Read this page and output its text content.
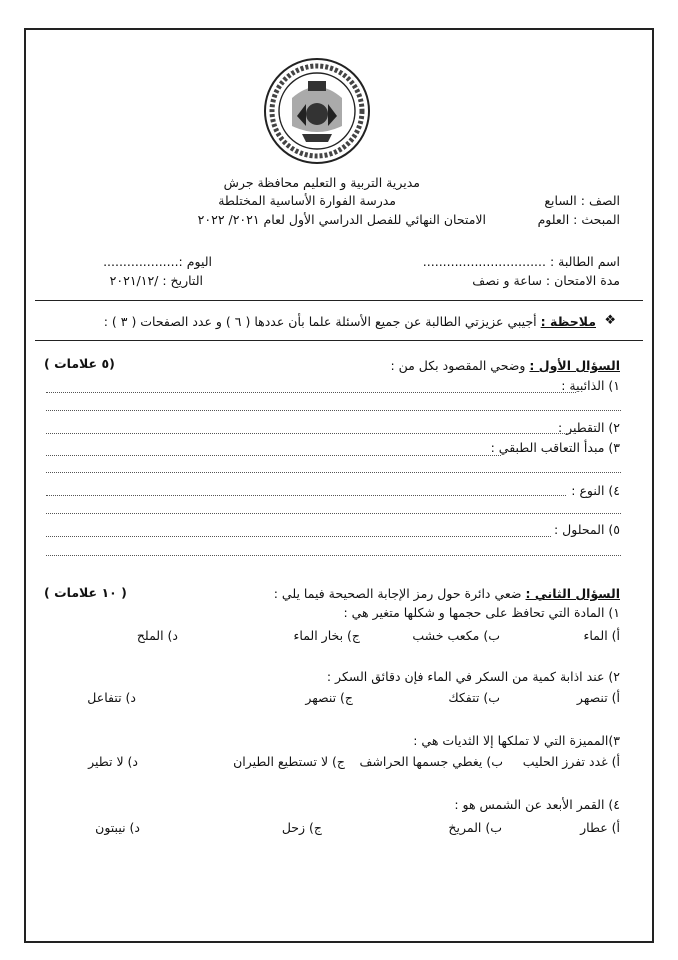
مديرية التربية و التعليم محافظة جرش
مدرسة الفوارة الأساسية المختلطة	الصف : السابع
المبحث : العلوم
الامتحان النهائي للفصل الدراسي الأول لعام ٢٠٢١/ ٢٠٢٢
اسم الطالبة : ...............................
اليوم :...................
مدة الامتحان : ساعة و نصف
التاريخ : /٢٠٢١/١٢
❖
ملاحظة : أجيبي عزيزتي الطالبة عن جميع الأسئلة علما بأن عددها ( ٦ ) و عدد الصفحات ( ٣ ) :
السؤال الأول : وضحي المقصود بكل من :
(٥ علامات )
١) الذائبية :
٢) التقطير :
٣) مبدأ التعاقب الطبقي :
٤) النوع :
٥) المحلول :
السؤال الثاني : ضعي دائرة حول رمز الإجابة الصحيحة فيما يلي :
( ١٠ علامات )
١) المادة التي تحافظ على حجمها و شكلها متغير هي :
أ) الماء
ب) مكعب خشب
ج) بخار الماء
د) الملح
٢) عند اذابة كمية من السكر في الماء فإن دقائق السكر :
أ) تنصهر
ب) تتفكك
ج) تنصهر
د) تتفاعل
٣)المميزة التي لا تملكها إلا الثديات هي :
أ) غدد تفرز الحليب
ب) يغطي جسمها الحراشف
ج) لا تستطيع الطيران
د) لا تطير
٤) القمر الأبعد عن الشمس هو :
أ) عطار
ب) المريخ
ج) زحل
د) نيبتون
